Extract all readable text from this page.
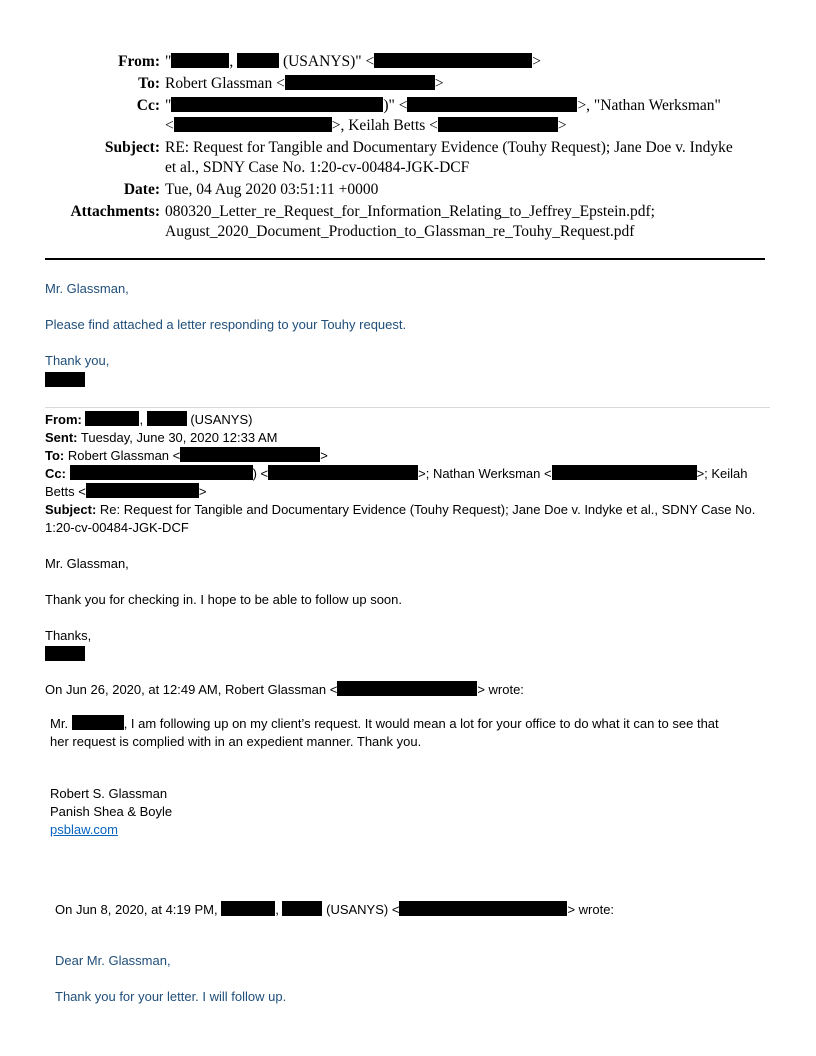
From: "	,	(USANYS)" <	>
To: Robert Glassman <	>
Cc: "	)" <	>, "Nathan Werksman"
<	>, Keilah Betts <	>
Subject: RE: Request for Tangible and Documentary Evidence (Touhy Request); Jane Doe v. Indyke
et al., SDNY Case No. 1:20-cv-00484-JGK-DCF
Date: Tue, 04 Aug 2020 03:51:11 +0000
Attachments: 080320_Letter_re_Request_for_Information_Relating_to_Jeffrey_Epstein.pdf;
August_2020_Document_Production_to_Glassman_re_Touhy_Request.pdf
Mr. Glassman,
Please find attached a letter responding to your Touhy request.
Thank you,
From:	,	(USANYS)
Sent: Tuesday, June 30, 2020 12:33 AM
To: Robert Glassman <	>
Cc:	) <	>; Nathan Werksman <	>; Keilah
Betts <	>
Subject: Re: Request for Tangible and Documentary Evidence (Touhy Request); Jane Doe v. Indyke et al., SDNY Case No.
1:20-cv-00484-JGK-DCF
Mr. Glassman,
Thank you for checking in. I hope to be able to follow up soon.
Thanks,
On Jun 26, 2020, at 12:49 AM, Robert Glassman <	> wrote:
Mr.	, I am following up on my client’s request. It would mean a lot for your office to do what it can to see that
her request is complied with in an expedient manner. Thank you.
Robert S. Glassman
Panish Shea & Boyle
psblaw.com
On Jun 8, 2020, at 4:19 PM,	,	(USANYS) <	> wrote:
Dear Mr. Glassman,
Thank you for your letter. I will follow up.
